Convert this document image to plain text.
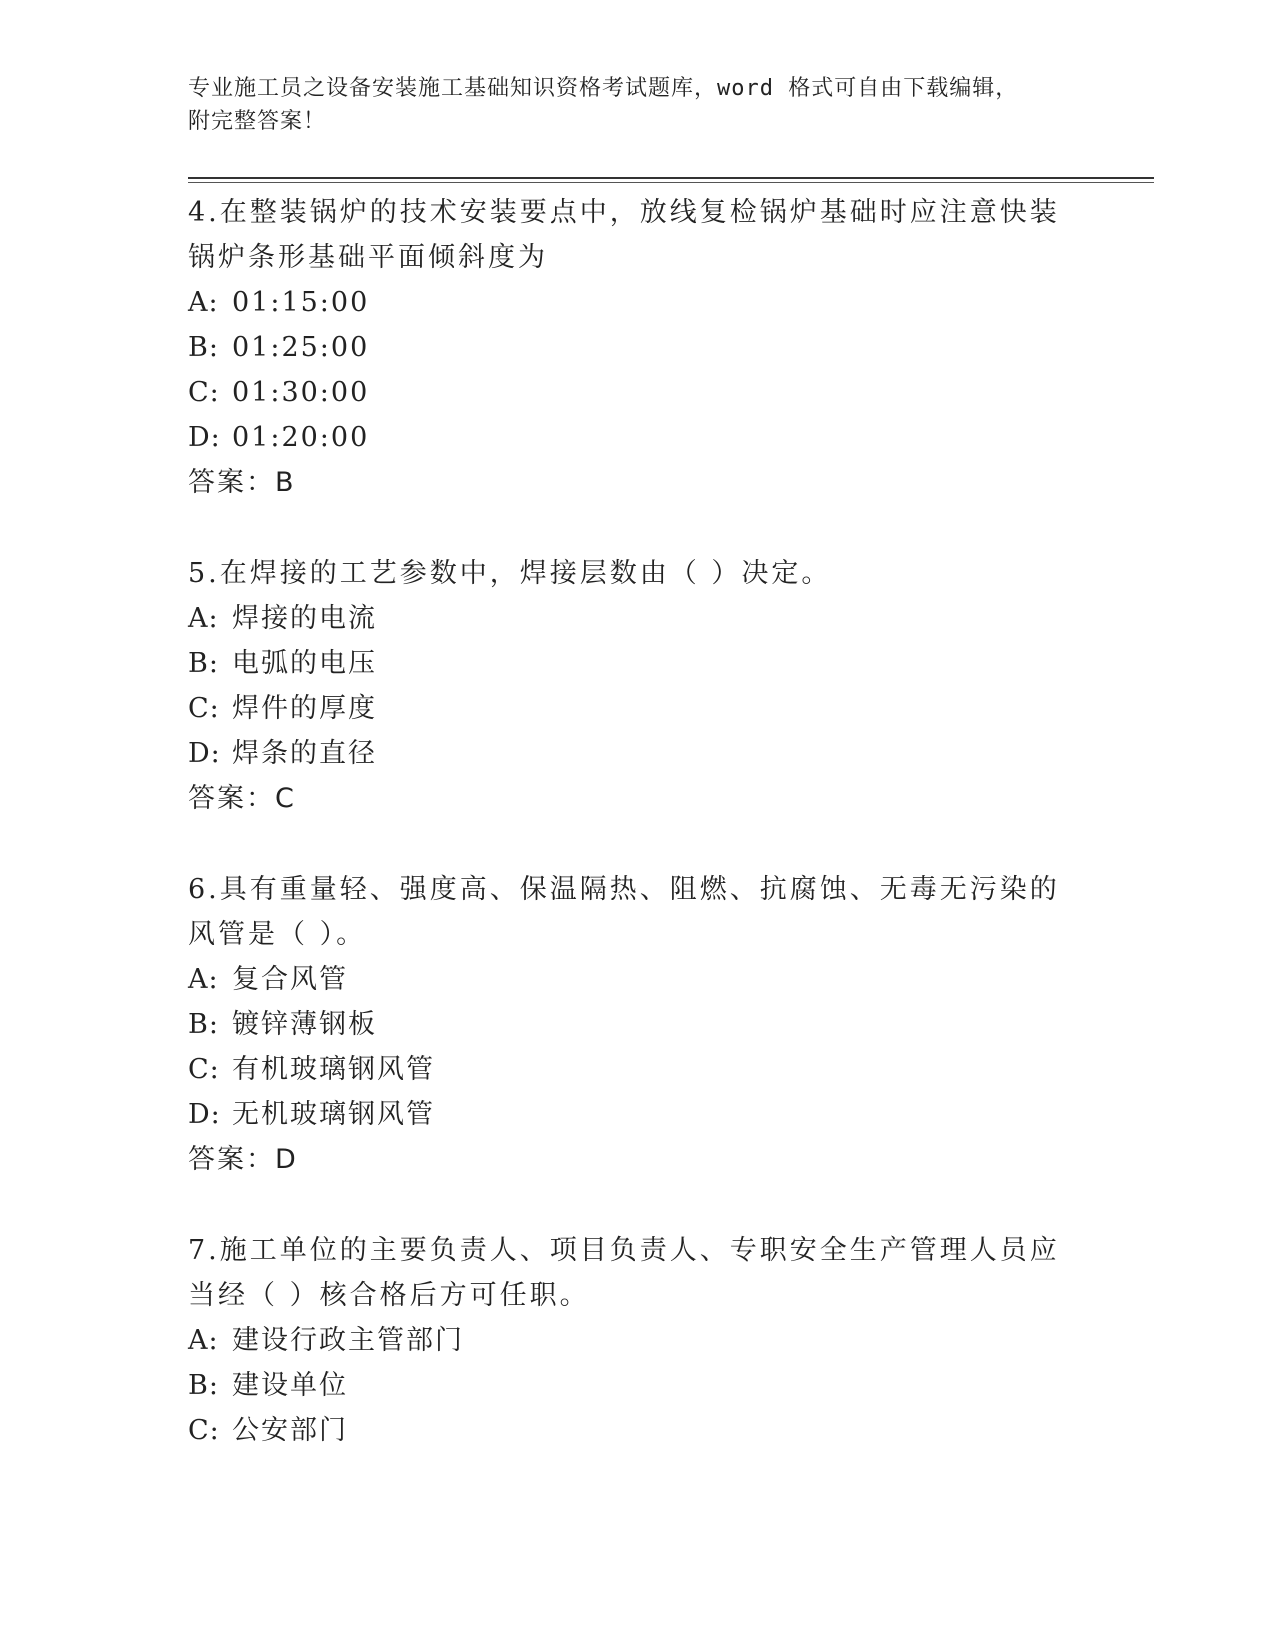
专业施工员之设备安装施工基础知识资格考试题库，word 格式可自由下载编辑，
附完整答案！

4.在整装锅炉的技术安装要点中，放线复检锅炉基础时应注意快装锅炉条形基础平面倾斜度为

A: 01:15:00

B: 01:25:00

C: 01:30:00

D: 01:20:00

答案：B

5.在焊接的工艺参数中，焊接层数由（ ）决定。

A: 焊接的电流

B: 电弧的电压

C: 焊件的厚度

D: 焊条的直径

答案：C

6.具有重量轻、强度高、保温隔热、阻燃、抗腐蚀、无毒无污染的风管是（ ）。

A: 复合风管

B: 镀锌薄钢板

C: 有机玻璃钢风管

D: 无机玻璃钢风管

答案：D

7.施工单位的主要负责人、项目负责人、专职安全生产管理人员应当经（ ）核合格后方可任职。

A: 建设行政主管部门

B: 建设单位

C: 公安部门
